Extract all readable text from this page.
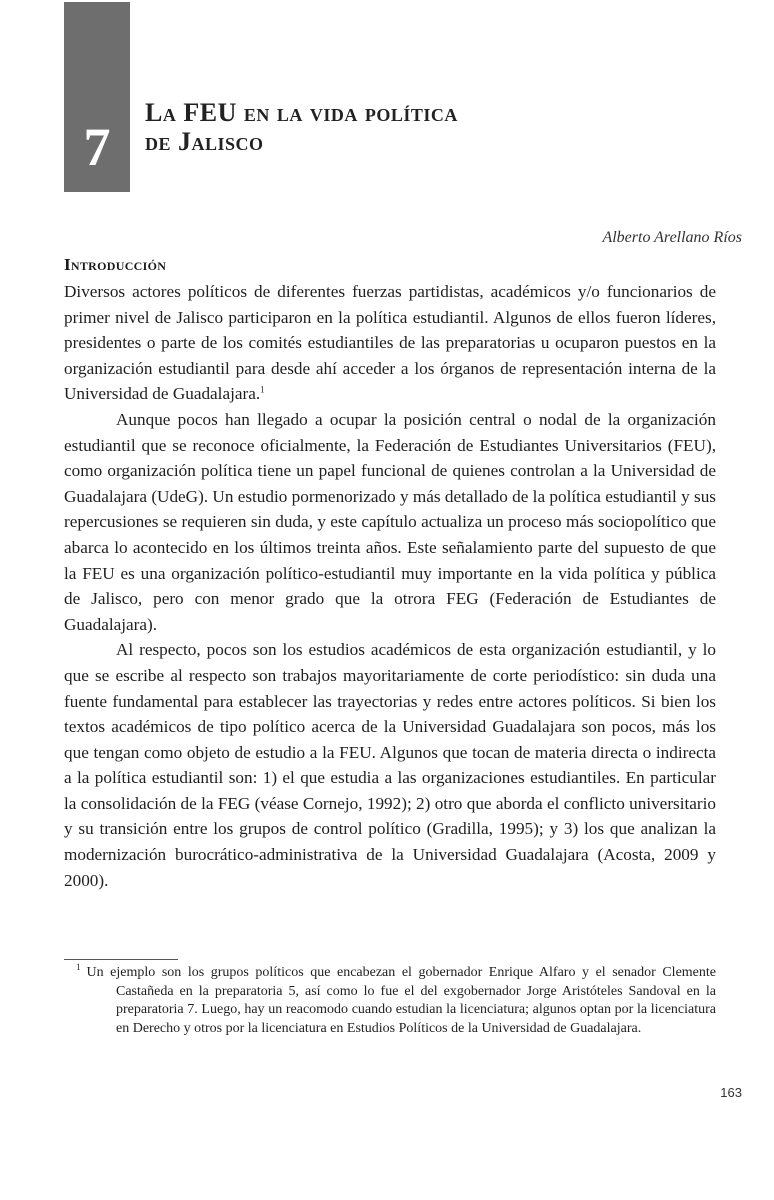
7
La FEU en la vida política
de Jalisco
Alberto Arellano Ríos
Introducción

Diversos actores políticos de diferentes fuerzas partidistas, académicos y/o funcionarios de primer nivel de Jalisco participaron en la política estudiantil. Algunos de ellos fueron líderes, presidentes o parte de los comités estudiantiles de las preparatorias u ocuparon puestos en la organización estudiantil para desde ahí acceder a los órganos de representación interna de la Universidad de Guadalajara.$^1$

Aunque pocos han llegado a ocupar la posición central o nodal de la organización estudiantil que se reconoce oficialmente, la Federación de Estudiantes Universitarios (FEU), como organización política tiene un papel funcional de quienes controlan a la Universidad de Guadalajara (UdeG). Un estudio pormenorizado y más detallado de la política estudiantil y sus repercusiones se requieren sin duda, y este capítulo actualiza un proceso más sociopolítico que abarca lo acontecido en los últimos treinta años. Este señalamiento parte del supuesto de que la FEU es una organización político-estudiantil muy importante en la vida política y pública de Jalisco, pero con menor grado que la otrora FEG (Federación de Estudiantes de Guadalajara).

Al respecto, pocos son los estudios académicos de esta organización estudiantil, y lo que se escribe al respecto son trabajos mayoritariamente de corte periodístico: sin duda una fuente fundamental para establecer las trayectorias y redes entre actores políticos. Si bien los textos académicos de tipo político acerca de la Universidad Guadalajara son pocos, más los que tengan como objeto de estudio a la FEU. Algunos que tocan de materia directa o indirecta a la política estudiantil son: 1) el que estudia a las organizaciones estudiantiles. En particular la consolidación de la FEG (véase Cornejo, 1992); 2) otro que aborda el conflicto universitario y su transición entre los grupos de control político (Gradilla, 1995); y 3) los que analizan la modernización burocrático-administrativa de la Universidad Guadalajara (Acosta, 2009 y 2000).

$^1$ Un ejemplo son los grupos políticos que encabezan el gobernador Enrique Alfaro y el senador Clemente Castañeda en la preparatoria 5, así como lo fue el del exgobernador Jorge Aristóteles Sandoval en la preparatoria 7. Luego, hay un reacomodo cuando estudian la licenciatura; algunos optan por la licenciatura en Derecho y otros por la licenciatura en Estudios Políticos de la Universidad de Guadalajara.
163
